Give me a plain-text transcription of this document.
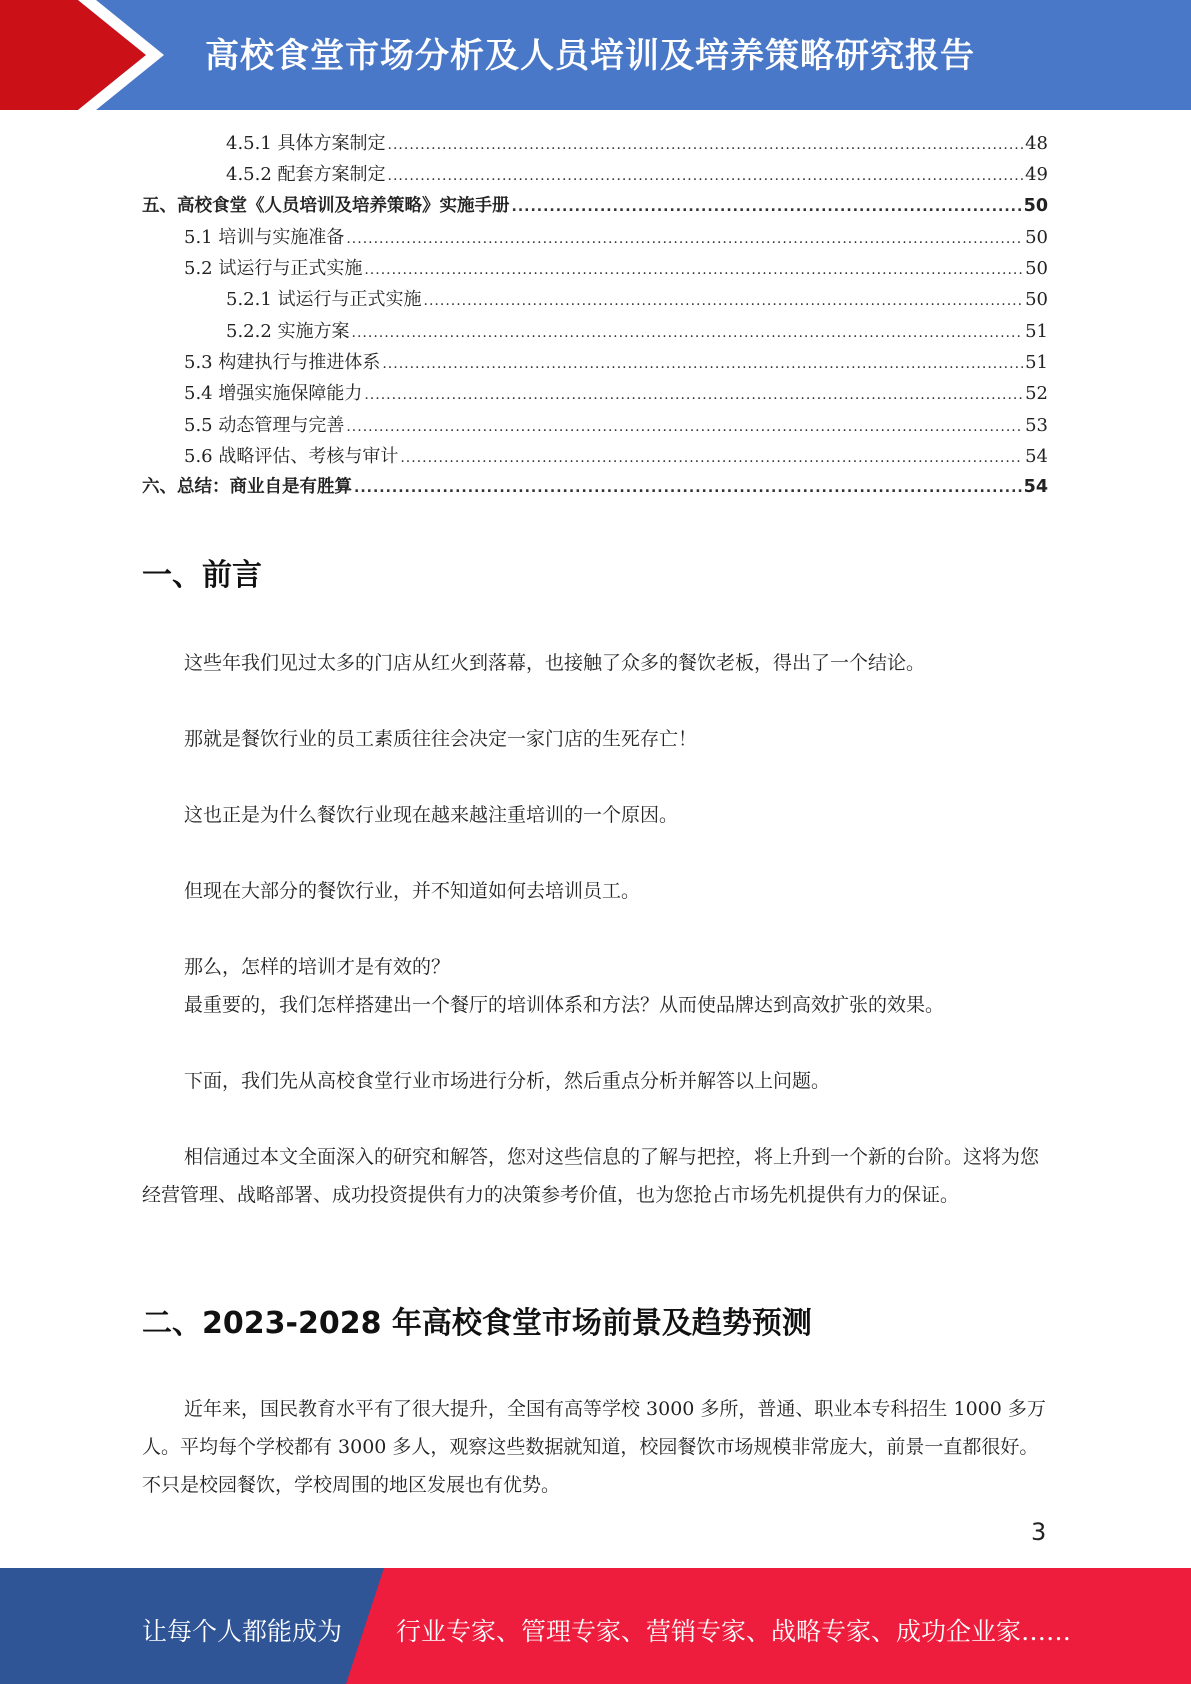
高校食堂市场分析及人员培训及培养策略研究报告
4.5.1 具体方案制定 .....	48
4.5.2 配套方案制定 .....	49
五、高校食堂《人员培训及培养策略》实施手册 .....	50
5.1 培训与实施准备 .....	50
5.2 试运行与正式实施 .....	50
5.2.1 试运行与正式实施 .....	50
5.2.2 实施方案 .....	51
5.3 构建执行与推进体系 .....	51
5.4 增强实施保障能力 .....	52
5.5 动态管理与完善 .....	53
5.6 战略评估、考核与审计 .....	54
六、总结：商业自是有胜算 .....	54
一、前言
这些年我们见过太多的门店从红火到落幕，也接触了众多的餐饮老板，得出了一个结论。
那就是餐饮行业的员工素质往往会决定一家门店的生死存亡！
这也正是为什么餐饮行业现在越来越注重培训的一个原因。
但现在大部分的餐饮行业，并不知道如何去培训员工。
那么，怎样的培训才是有效的？
最重要的，我们怎样搭建出一个餐厅的培训体系和方法？从而使品牌达到高效扩张的效果。
下面，我们先从高校食堂行业市场进行分析，然后重点分析并解答以上问题。
相信通过本文全面深入的研究和解答，您对这些信息的了解与把控，将上升到一个新的台阶。这将为您经营管理、战略部署、成功投资提供有力的决策参考价值，也为您抢占市场先机提供有力的保证。
二、2023-2028 年高校食堂市场前景及趋势预测
近年来，国民教育水平有了很大提升，全国有高等学校 3000 多所，普通、职业本专科招生 1000 多万人。平均每个学校都有 3000 多人，观察这些数据就知道，校园餐饮市场规模非常庞大，前景一直都很好。不只是校园餐饮，学校周围的地区发展也有优势。
3
让每个人都能成为 行业专家、管理专家、营销专家、战略专家、成功企业家……
